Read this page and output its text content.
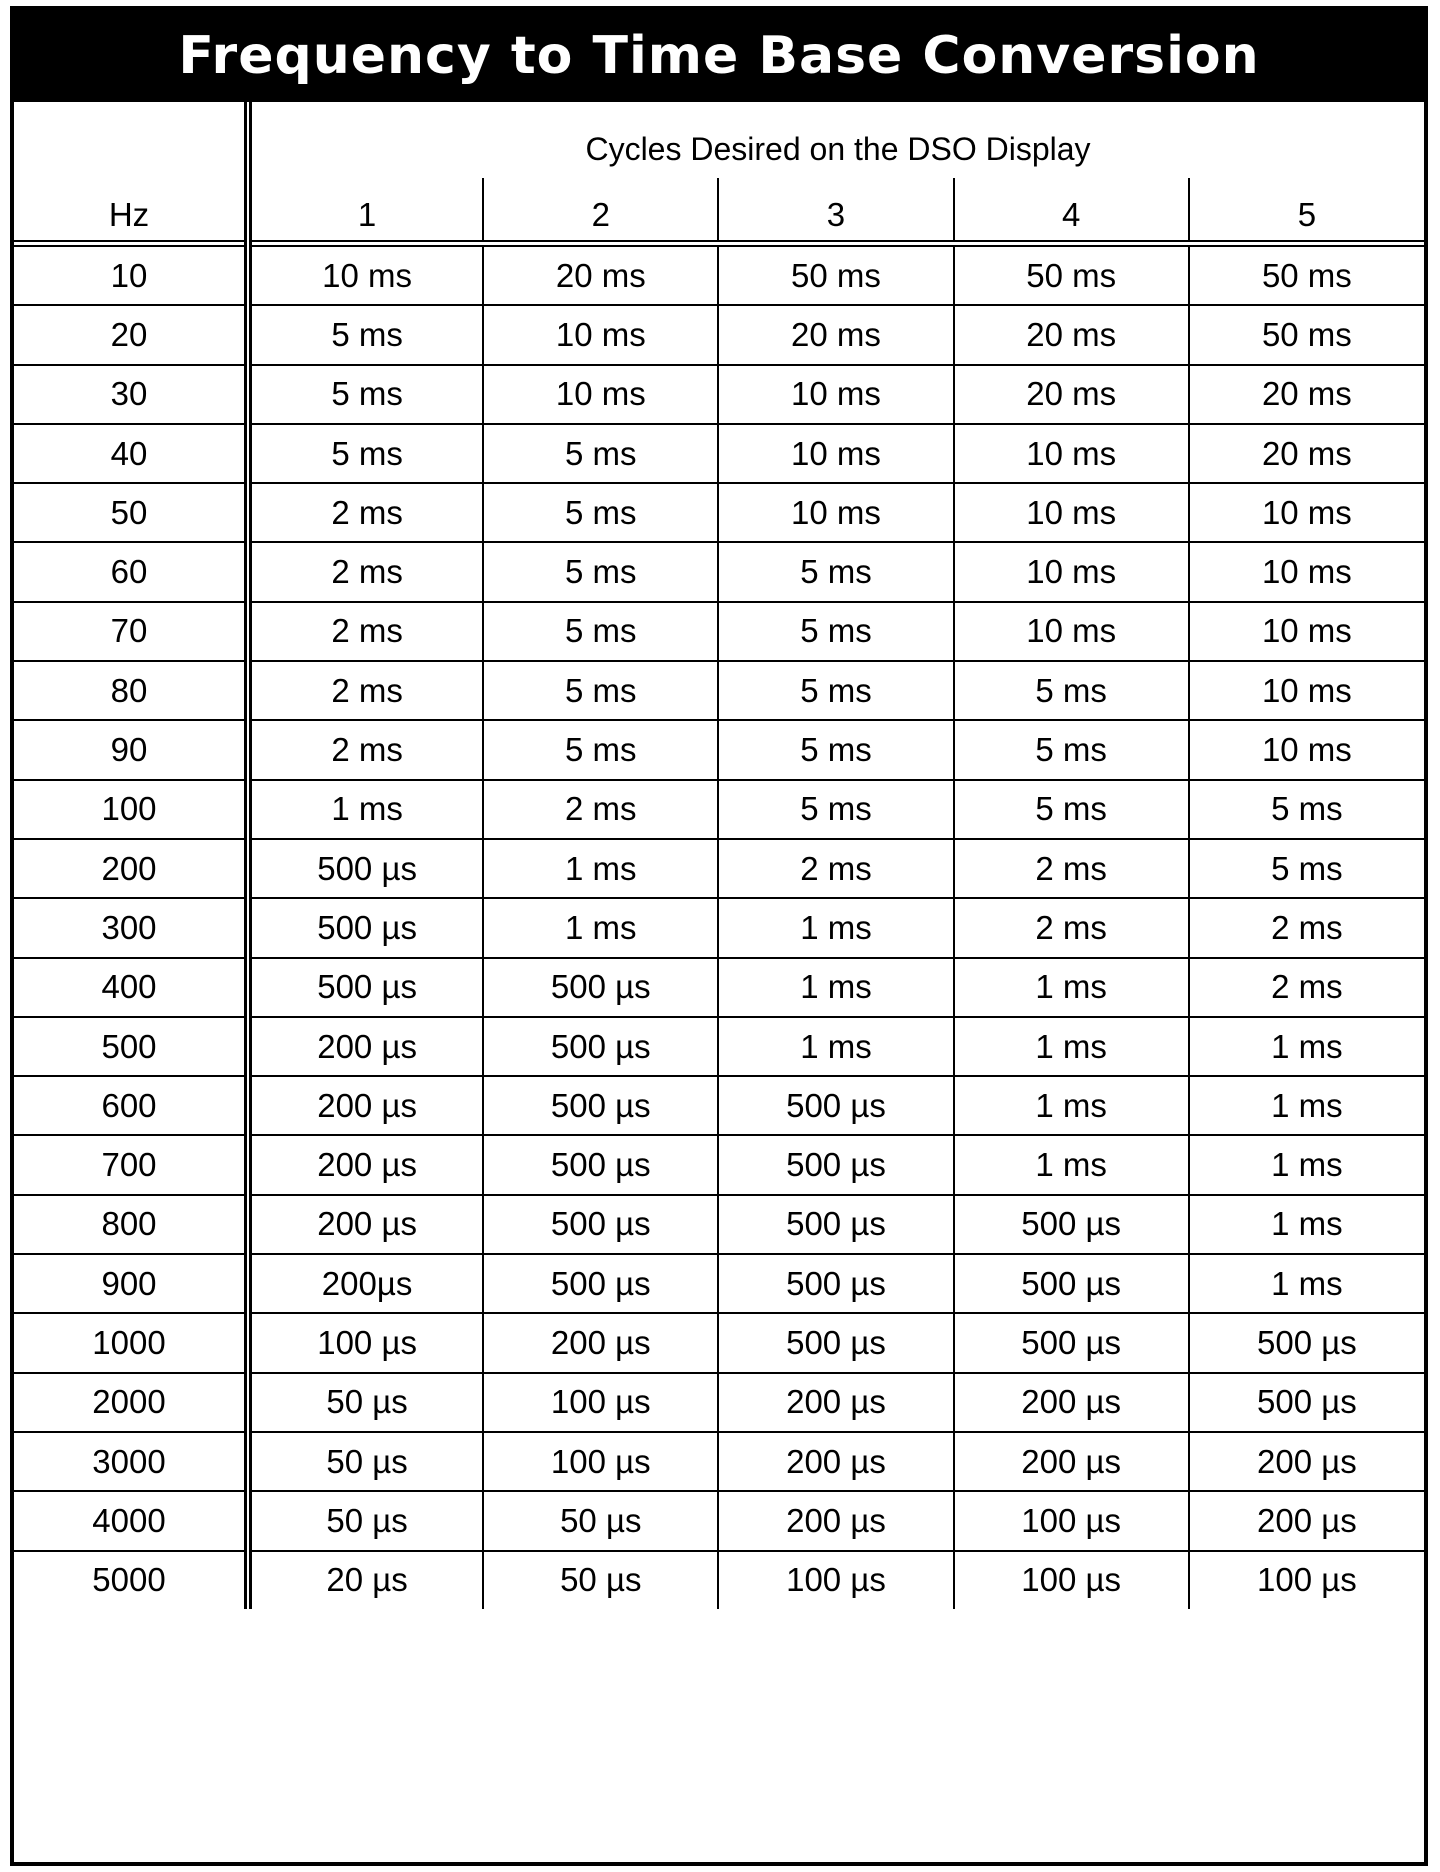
Frequency to Time Base Conversion
	Cycles Desired on the DSO Display				
Hz	1	2	3	4	5
10	10 ms	20 ms	50 ms	50 ms	50 ms
20	5 ms	10 ms	20 ms	20 ms	50 ms
30	5 ms	10 ms	10 ms	20 ms	20 ms
40	5 ms	5 ms	10 ms	10 ms	20 ms
50	2 ms	5 ms	10 ms	10 ms	10 ms
60	2 ms	5 ms	5 ms	10 ms	10 ms
70	2 ms	5 ms	5 ms	10 ms	10 ms
80	2 ms	5 ms	5 ms	5 ms	10 ms
90	2 ms	5 ms	5 ms	5 ms	10 ms
100	1 ms	2 ms	5 ms	5 ms	5 ms
200	500 µs	1 ms	2 ms	2 ms	5 ms
300	500 µs	1 ms	1 ms	2 ms	2 ms
400	500 µs	500 µs	1 ms	1 ms	2 ms
500	200 µs	500 µs	1 ms	1 ms	1 ms
600	200 µs	500 µs	500 µs	1 ms	1 ms
700	200 µs	500 µs	500 µs	1 ms	1 ms
800	200 µs	500 µs	500 µs	500 µs	1 ms
900	200µs	500 µs	500 µs	500 µs	1 ms
1000	100 µs	200 µs	500 µs	500 µs	500 µs
2000	50 µs	100 µs	200 µs	200 µs	500 µs
3000	50 µs	100 µs	200 µs	200 µs	200 µs
4000	50 µs	50 µs	200 µs	100 µs	200 µs
5000	20 µs	50 µs	100 µs	100 µs	100 µs
